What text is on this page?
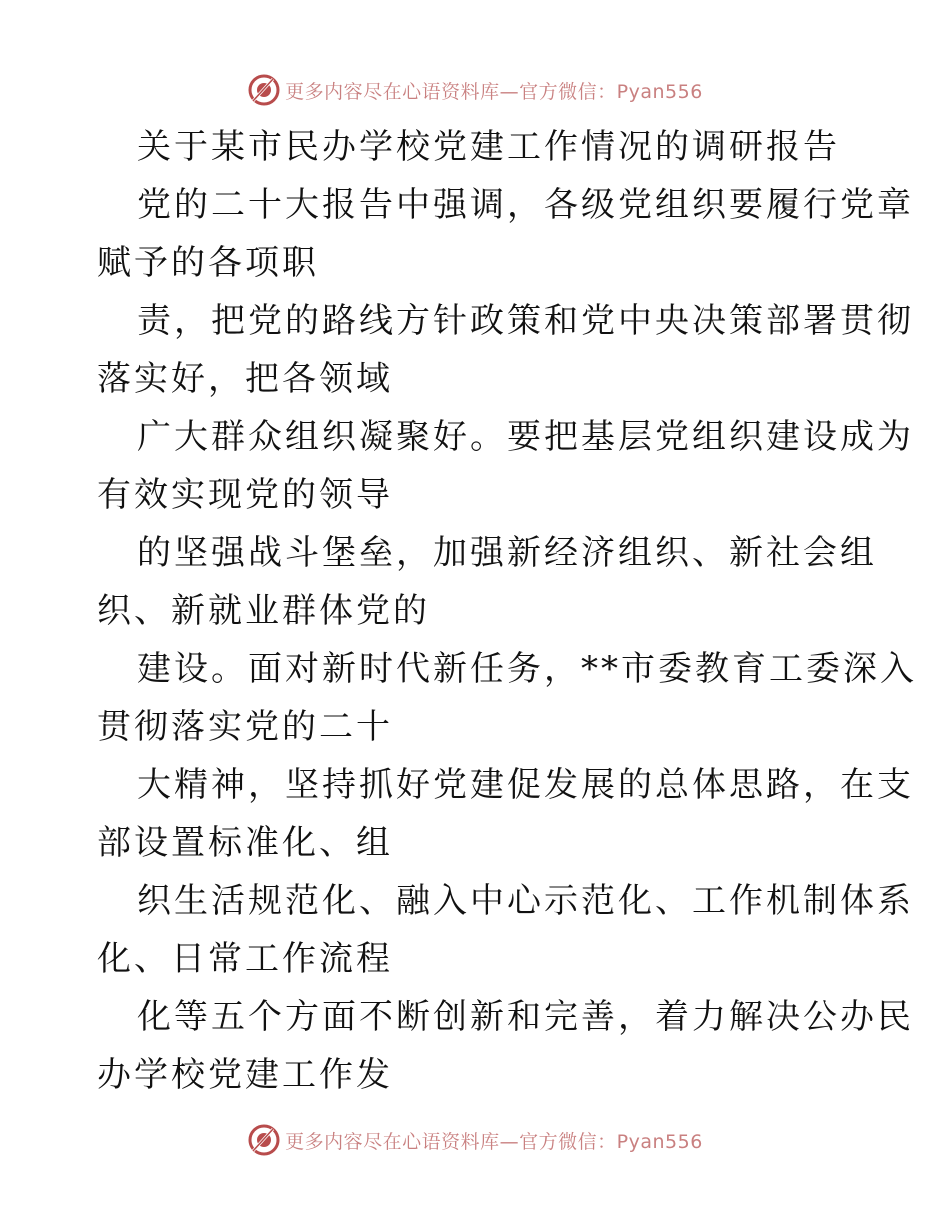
更多内容尽在心语资料库—官方微信：Pyan556
关于某市民办学校党建工作情况的调研报告
党的二十大报告中强调，各级党组织要履行党章
赋予的各项职
责，把党的路线方针政策和党中央决策部署贯彻
落实好，把各领域
广大群众组织凝聚好。要把基层党组织建设成为
有效实现党的领导
的坚强战斗堡垒，加强新经济组织、新社会组
织、新就业群体党的
建设。面对新时代新任务，**市委教育工委深入
贯彻落实党的二十
大精神，坚持抓好党建促发展的总体思路，在支
部设置标准化、组
织生活规范化、融入中心示范化、工作机制体系
化、日常工作流程
化等五个方面不断创新和完善，着力解决公办民
办学校党建工作发
更多内容尽在心语资料库—官方微信：Pyan556
